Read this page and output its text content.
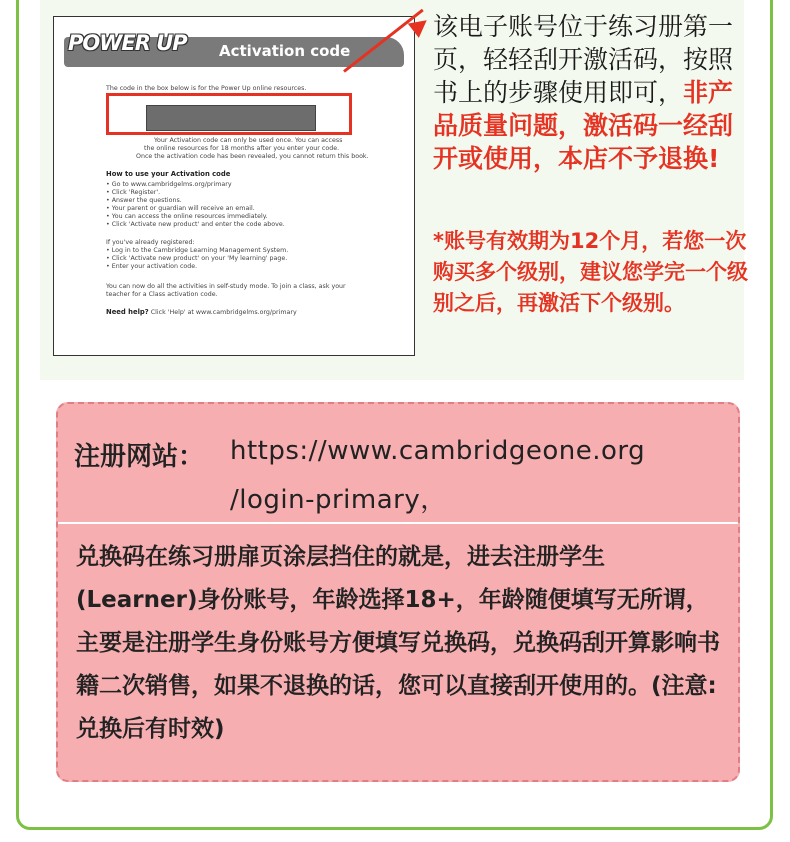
POWER UP Activation code
The code in the box below is for the Power Up online resources.
Your Activation code can only be used once. You can access
the online resources for 18 months after you enter your code.
Once the activation code has been revealed, you cannot return this book.
How to use your Activation code
• Go to www.cambridgelms.org/primary
• Click 'Register'.
• Answer the questions.
• Your parent or guardian will receive an email.
• You can access the online resources immediately.
• Click 'Activate new product' and enter the code above.
If you've already registered:
• Log in to the Cambridge Learning Management System.
• Click 'Activate new product' on your 'My learning' page.
• Enter your activation code.
You can now do all the activities in self-study mode. To join a class, ask your
teacher for a Class activation code.
Need help? Click 'Help' at www.cambridgelms.org/primary
该电子账号位于练习册第一页，轻轻刮开激活码，按照书上的步骤使用即可，非产品质量问题，激活码一经刮开或使用，本店不予退换!
*账号有效期为12个月，若您一次购买多个级别，建议您学完一个级别之后，再激活下个级别。
注册网站： https://www.cambridgeone.org
/login-primary，
兑换码在练习册扉页涂层挡住的就是，进去注册学生(Learner)身份账号，年龄选择18+，年龄随便填写无所谓，主要是注册学生身份账号方便填写兑换码，兑换码刮开算影响书籍二次销售，如果不退换的话，您可以直接刮开使用的。(注意:兑换后有时效)
